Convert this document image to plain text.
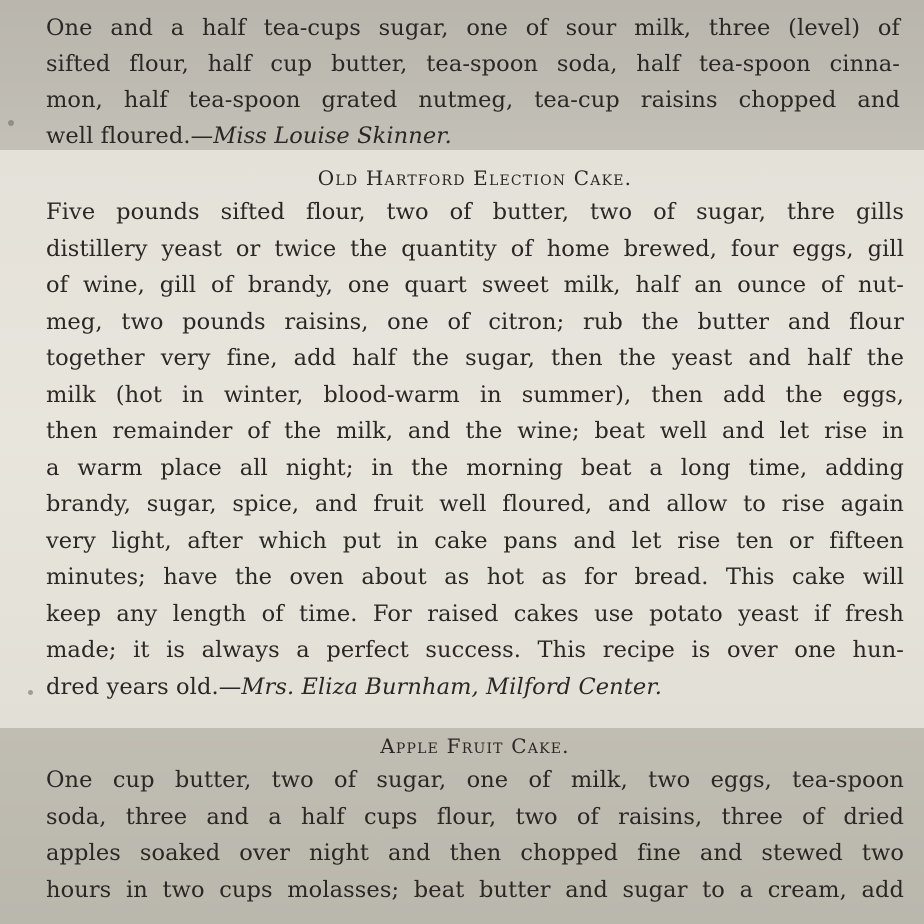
One and a half tea-cups sugar, one of sour milk, three (level) of
sifted flour, half cup butter, tea-spoon soda, half tea-spoon cinna-
mon, half tea-spoon grated nutmeg, tea-cup raisins chopped and
well floured.—Miss Louise Skinner.

Old Hartford Election Cake.

Five pounds sifted flour, two of butter, two of sugar, thre gills
distillery yeast or twice the quantity of home brewed, four eggs, gill
of wine, gill of brandy, one quart sweet milk, half an ounce of nut-
meg, two pounds raisins, one of citron; rub the butter and flour
together very fine, add half the sugar, then the yeast and half the
milk (hot in winter, blood-warm in summer), then add the eggs,
then remainder of the milk, and the wine; beat well and let rise in
a warm place all night; in the morning beat a long time, adding
brandy, sugar, spice, and fruit well floured, and allow to rise again
very light, after which put in cake pans and let rise ten or fifteen
minutes; have the oven about as hot as for bread. This cake will
keep any length of time. For raised cakes use potato yeast if fresh
made; it is always a perfect success. This recipe is over one hun-
dred years old.—Mrs. Eliza Burnham, Milford Center.

Apple Fruit Cake.

One cup butter, two of sugar, one of milk, two eggs, tea-spoon
soda, three and a half cups flour, two of raisins, three of dried
apples soaked over night and then chopped fine and stewed two
hours in two cups molasses; beat butter and sugar to a cream, add
